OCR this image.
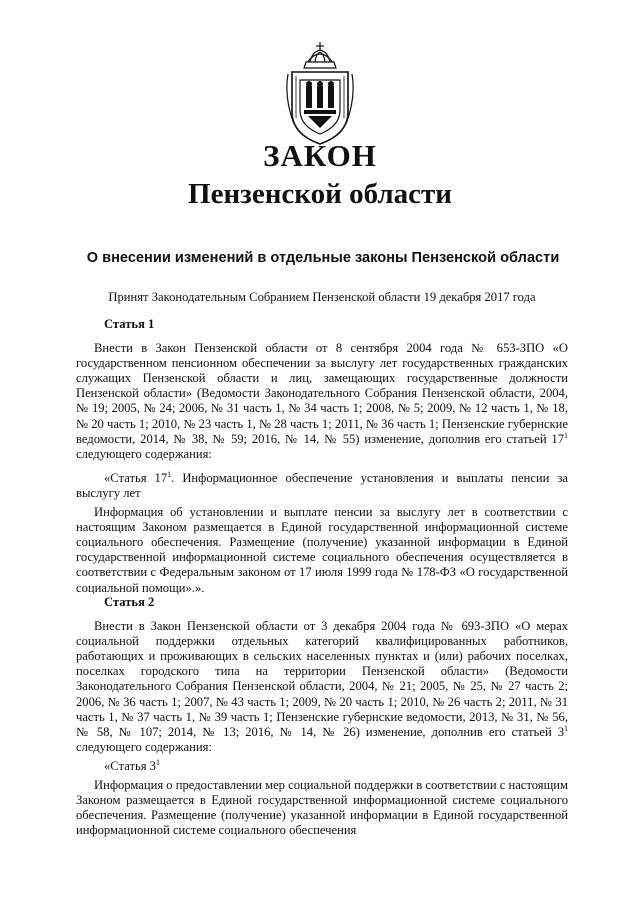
ЗАКОН
Пензенской области
О внесении изменений в отдельные законы Пензенской области
Принят Законодательным Собранием Пензенской области 19 декабря 2017 года

Статья 1

Внести в Закон Пензенской области от 8 сентября 2004 года № 653-ЗПО «О государственном пенсионном обеспечении за выслугу лет государственных гражданских служащих Пензенской области и лиц, замещающих государственные должности Пензенской области» (Ведомости Законодательного Собрания Пензенской области, 2004, № 19; 2005, № 24; 2006, № 31 часть 1, № 34 часть 1; 2008, № 5; 2009, № 12 часть 1, № 18, № 20 часть 1; 2010, № 23 часть 1, № 28 часть 1; 2011, № 36 часть 1; Пензенские губернские ведомости, 2014, № 38, № 59; 2016, № 14, № 55) изменение, дополнив его статьей $17^1$ следующего содержания:

«Статья $17^1$. Информационное обеспечение установления и выплаты пенсии за выслугу лет

Информация об установлении и выплате пенсии за выслугу лет в соответствии с настоящим Законом размещается в Единой государственной информационной системе социального обеспечения. Размещение (получение) указанной информации в Единой государственной информационной системе социального обеспечения осуществляется в соответствии с Федеральным законом от 17 июля 1999 года № 178-ФЗ «О государственной социальной помощи».».

Статья 2

Внести в Закон Пензенской области от 3 декабря 2004 года № 693-ЗПО «О мерах социальной поддержки отдельных категорий квалифицированных работников, работающих и проживающих в сельских населенных пунктах и (или) рабочих поселках, поселках городского типа на территории Пензенской области» (Ведомости Законодательного Собрания Пензенской области, 2004, № 21; 2005, № 25, № 27 часть 2; 2006, № 36 часть 1; 2007, № 43 часть 1; 2009, № 20 часть 1; 2010, № 26 часть 2; 2011, № 31 часть 1, № 37 часть 1, № 39 часть 1; Пензенские губернские ведомости, 2013, № 31, № 56, № 58, № 107; 2014, № 13; 2016, № 14, № 26) изменение, дополнив его статьей $3^1$ следующего содержания:

«Статья $3^1$

Информация о предоставлении мер социальной поддержки в соответствии с настоящим Законом размещается в Единой государственной информационной системе социального обеспечения. Размещение (получение) указанной информации в Единой государственной информационной системе социального обеспечения
